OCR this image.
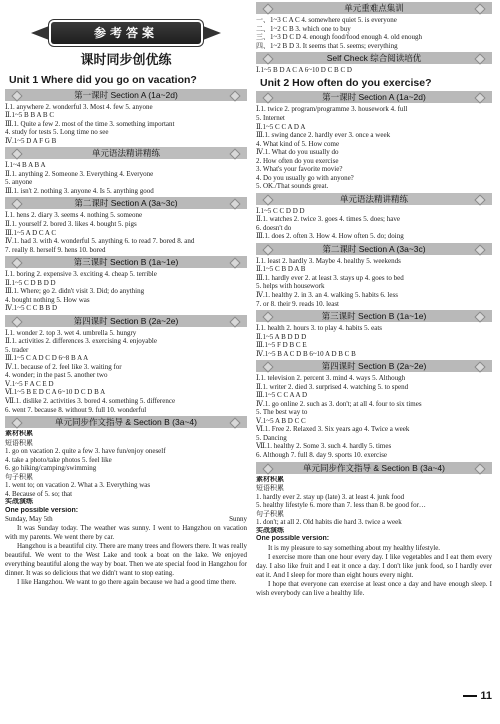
参考答案
课时同步创优练
Unit 1 Where did you go on vacation?
第一课时 Section A (1a~2d)
Ⅰ.1. anywhere 2. wonderful 3. Most 4. few 5. anyone
Ⅱ.1~5 B B A B C
Ⅲ.1. Quite a few 2. most of the time 3. something important
4. study for tests 5. Long time no see
Ⅳ.1~5 D A F G B
单元语法精讲精练
Ⅰ.1~4 B A B A
Ⅱ.1. anything 2. Someone 3. Everything 4. Everyone
5. anyone
Ⅲ.1. isn't 2. nothing 3. anyone 4. Is 5. anything good
第二课时 Section A (3a~3c)
Ⅰ.1. hens 2. diary 3. seems 4. nothing 5. someone
Ⅱ.1. yourself 2. bored 3. likes 4. bought 5. pigs
Ⅲ.1~5 A D C A C
Ⅳ.1. had 3. with 4. wonderful 5. anything 6. to read 7. bored 8. and
7. really 8. herself 9. hens 10. bored
第三课时 Section B (1a~1e)
Ⅰ.1. boring 2. expensive 3. exciting 4. cheap 5. terrible
Ⅱ.1~5 C D B D D
Ⅲ.1. Where; go 2. didn't visit 3. Did; do anything
4. bought nothing 5. How was
Ⅳ.1~5 C C B B D
第四课时 Section B (2a~2e)
Ⅰ.1. wonder 2. top 3. wet 4. umbrella 5. hungry
Ⅱ.1. activities 2. differences 3. exercising 4. enjoyable
5. trader
Ⅲ.1~5 C A D C D 6~8 B A A
Ⅳ.1. because of 2. feel like 3. waiting for
4. wonder; in the past 5. another two
Ⅴ.1~5 F A C E D
Ⅵ.1~5 B E D C A 6~10 D C D B A
Ⅶ.1. dislike 2. activities 3. bored 4. something 5. difference
6. went 7. because 8. without 9. full 10. wonderful
单元同步作文指导 & Section B (3a~4)
素材积累
短语积累
1. go on vacation 2. quite a few 3. have fun/enjoy oneself
4. take a photo/take photos 5. feel like
6. go hiking/camping/swimming
句子积累
1. went to; on vacation 2. What a 3. Everything was
4. Because of 5. so; that
实战演练
One possible version:
Sunday, May 5th	Sunny
It was Sunday today. The weather was sunny. I went to Hangzhou on vacation with my parents. We went there by car.
Hangzhou is a beautiful city. There are many trees and flowers there. It was really beautiful. We went to the West Lake and took a boat on the lake. We enjoyed everything beautiful along the way by boat. Then we ate special food in Hangzhou for dinner. It was so delicious that we didn't want to stop eating.
I like Hangzhou. We want to go there again because we had a good time there.
单元重难点集训
一、1~3 C A C 4. somewhere quiet 5. is everyone
二、1~2 C B 3. which one to buy
三、1~3 D C D 4. enough food/food enough 4. old enough
四、1~2 B D 3. It seems that 5. seems; everything
Self Check 综合阅读培优
Ⅰ.1~5 B D A C A 6~10 D C B C D
Unit 2 How often do you exercise?
第一课时 Section A (1a~2d)
Ⅰ.1. twice 2. program/programme 3. housework 4. full
5. Internet
Ⅱ.1~5 C C A D A
Ⅲ.1. swing dance 2. hardly ever 3. once a week
4. What kind of 5. How come
Ⅳ.1. What do you usually do
2. How often do you exercise
3. What's your favorite movie?
4. Do you usually go with anyone?
5. OK./That sounds great.
单元语法精讲精练
Ⅰ.1~5 C C D D D
Ⅱ.1. watches 2. twice 3. goes 4. times 5. does; have
6. doesn't do
Ⅲ.1. does 2. often 3. How 4. How often 5. do; doing
第二课时 Section A (3a~3c)
Ⅰ.1. least 2. hardly 3. Maybe 4. healthy 5. weekends
Ⅱ.1~5 C B D A B
Ⅲ.1. hardly ever 2. at least 3. stays up 4. goes to bed
5. helps with housework
Ⅳ.1. healthy 2. in 3. an 4. walking 5. habits 6. less
7. or 8. their 9. reads 10. least
第三课时 Section B (1a~1e)
Ⅰ.1. health 2. hours 3. to play 4. habits 5. eats
Ⅱ.1~5 A B D D D
Ⅲ.1~5 F D B C E
Ⅳ.1~5 B A C D B 6~10 A D B C B
第四课时 Section B (2a~2e)
Ⅰ.1. television 2. percent 3. mind 4. ways 5. Although
Ⅱ.1. writer 2. died 3. surprised 4. watching 5. to spend
Ⅲ.1~5 C C A A D
Ⅳ.1. go online 2. such as 3. don't; at all 4. four to six times
5. The best way to
Ⅴ.1~5 A B D C C
Ⅵ.1. Free 2. Relaxed 3. Six years ago 4. Twice a week
5. Dancing
Ⅶ.1. healthy 2. Some 3. such 4. hardly 5. times
6. Although 7. full 8. day 9. sports 10. exercise
单元同步作文指导 & Section B (3a~4)
素材积累
短语积累
1. hardly ever 2. stay up (late) 3. at least 4. junk food
5. healthy lifestyle 6. more than 7. less than 8. be good for…
句子积累
1. don't; at all 2. Old habits die hard 3. twice a week
实战演练
One possible version:
It is my pleasure to say something about my healthy lifestyle.
I exercise more than one hour every day. I like vegetables and I eat them every day. I also like fruit and I eat it once a day. I don't like junk food, so I hardly ever eat it. And I sleep for more than eight hours every night.
I hope that everyone can exercise at least once a day and have enough sleep. I wish everybody can live a healthy life.
11
